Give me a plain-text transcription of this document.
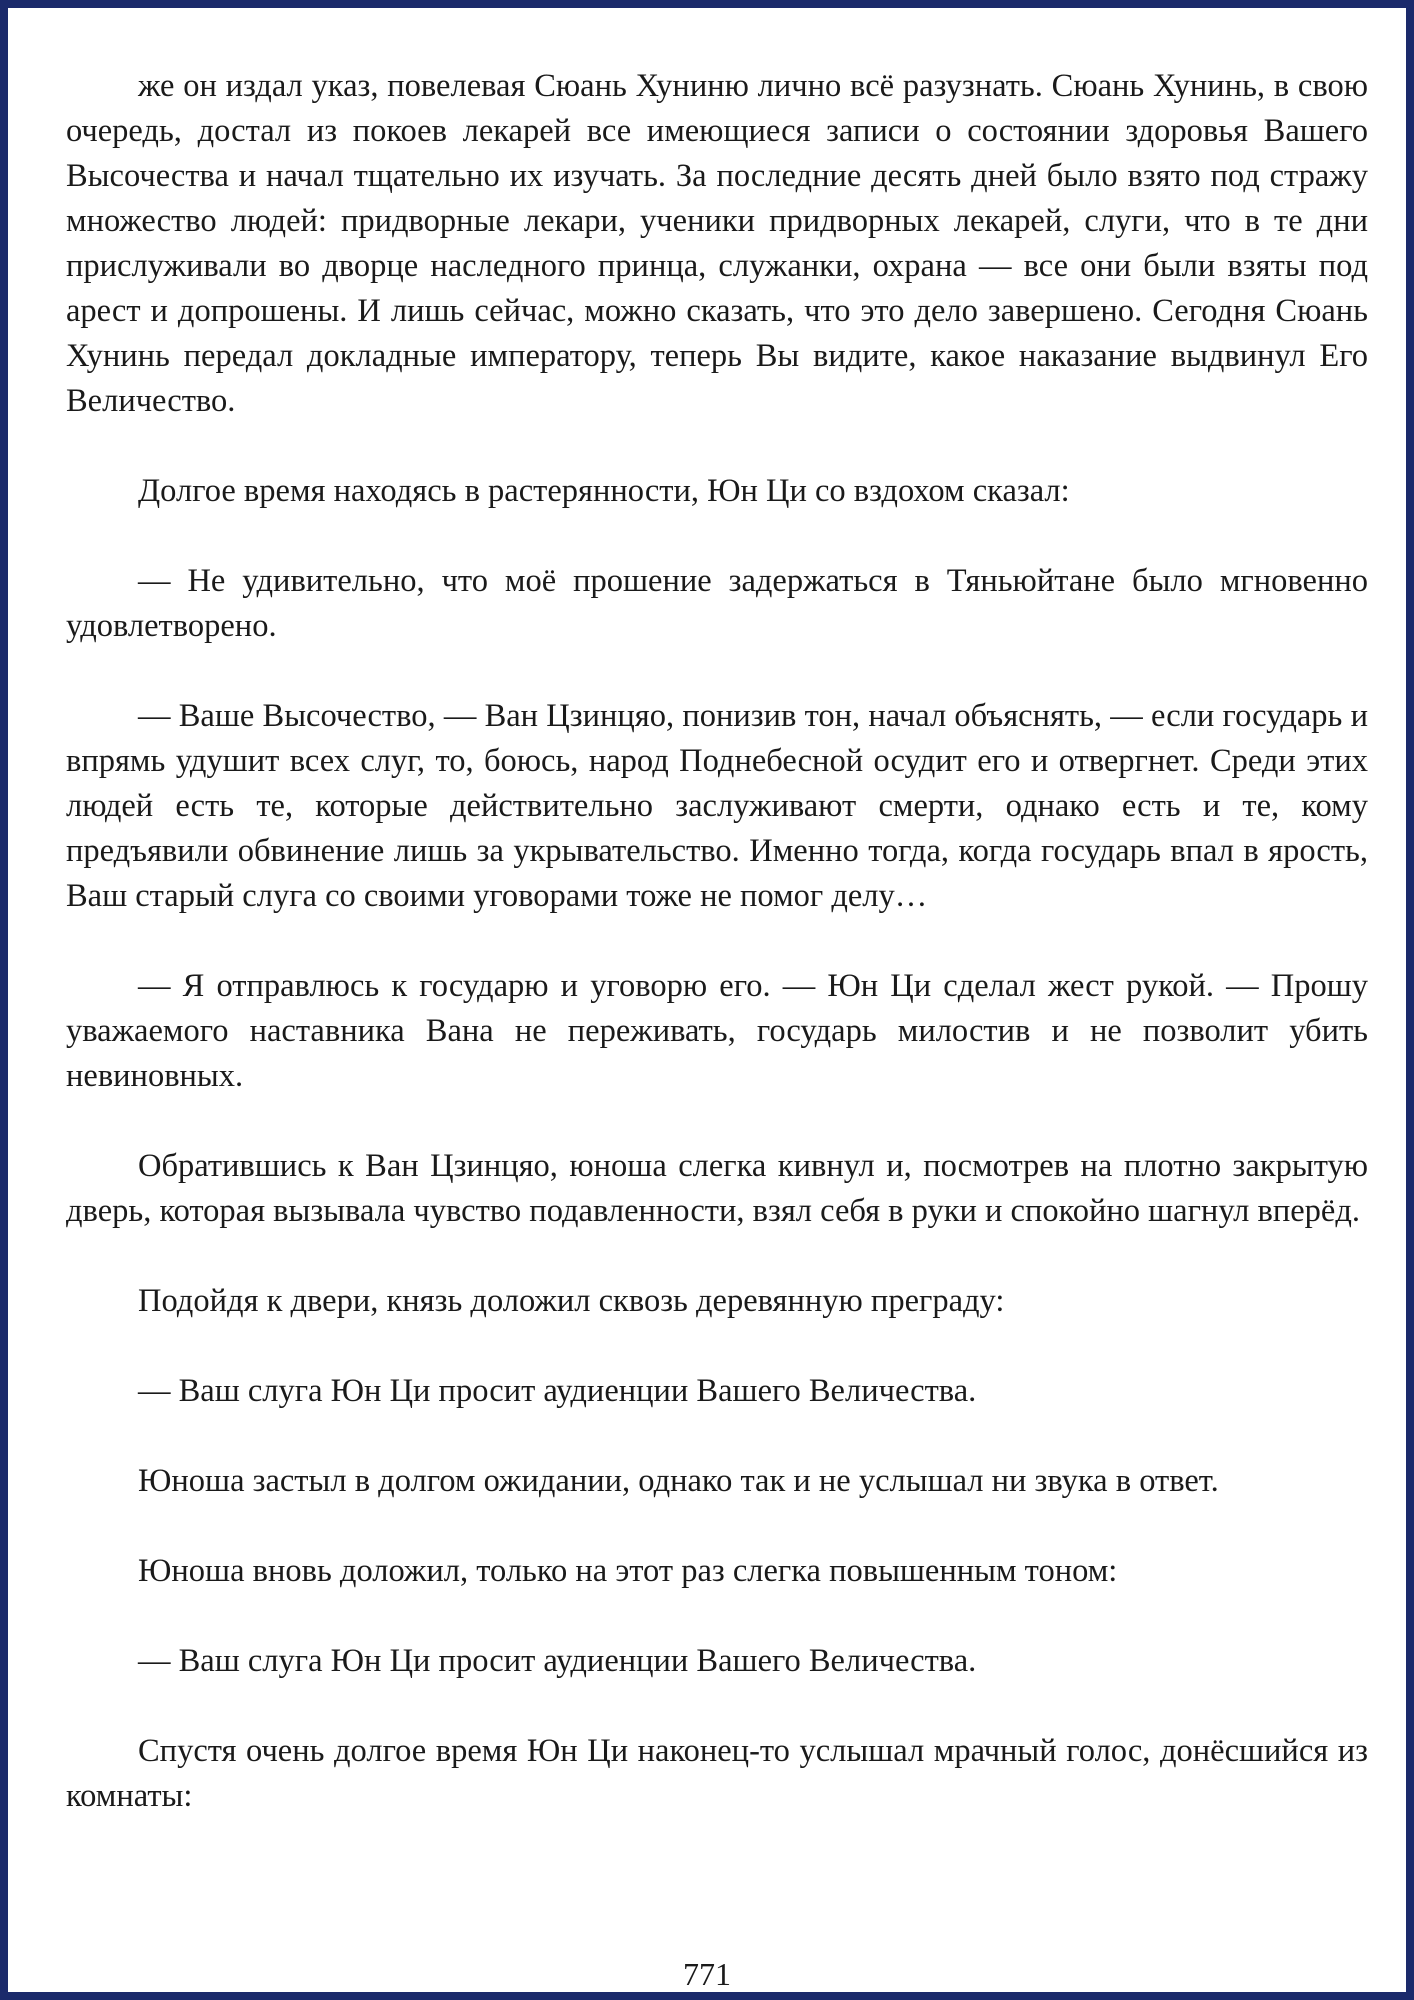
же он издал указ, повелевая Сюань Хуниню лично всё разузнать. Сюань Хунинь, в свою очередь, достал из покоев лекарей все имеющиеся записи о состоянии здоровья Вашего Высочества и начал тщательно их изучать. За последние десять дней было взято под стражу множество людей: придворные лекари, ученики придворных лекарей, слуги, что в те дни прислуживали во дворце наследного принца, служанки, охрана — все они были взяты под арест и допрошены. И лишь сейчас, можно сказать, что это дело завершено. Сегодня Сюань Хунинь передал докладные императору, теперь Вы видите, какое наказание выдвинул Его Величество.

Долгое время находясь в растерянности, Юн Ци со вздохом сказал:

— Не удивительно, что моё прошение задержаться в Тяньюйтане было мгновенно удовлетворено.

— Ваше Высочество, — Ван Цзинцяо, понизив тон, начал объяснять, — если государь и впрямь удушит всех слуг, то, боюсь, народ Поднебесной осудит его и отвергнет. Среди этих людей есть те, которые действительно заслуживают смерти, однако есть и те, кому предъявили обвинение лишь за укрывательство. Именно тогда, когда государь впал в ярость, Ваш старый слуга со своими уговорами тоже не помог делу…

— Я отправлюсь к государю и уговорю его. — Юн Ци сделал жест рукой. — Прошу уважаемого наставника Вана не переживать, государь милостив и не позволит убить невиновных.

Обратившись к Ван Цзинцяо, юноша слегка кивнул и, посмотрев на плотно закрытую дверь, которая вызывала чувство подавленности, взял себя в руки и спокойно шагнул вперёд.

Подойдя к двери, князь доложил сквозь деревянную преграду:

— Ваш слуга Юн Ци просит аудиенции Вашего Величества.

Юноша застыл в долгом ожидании, однако так и не услышал ни звука в ответ.

Юноша вновь доложил, только на этот раз слегка повышенным тоном:

— Ваш слуга Юн Ци просит аудиенции Вашего Величества.

Спустя очень долгое время Юн Ци наконец-то услышал мрачный голос, донёсшийся из комнаты:

771
